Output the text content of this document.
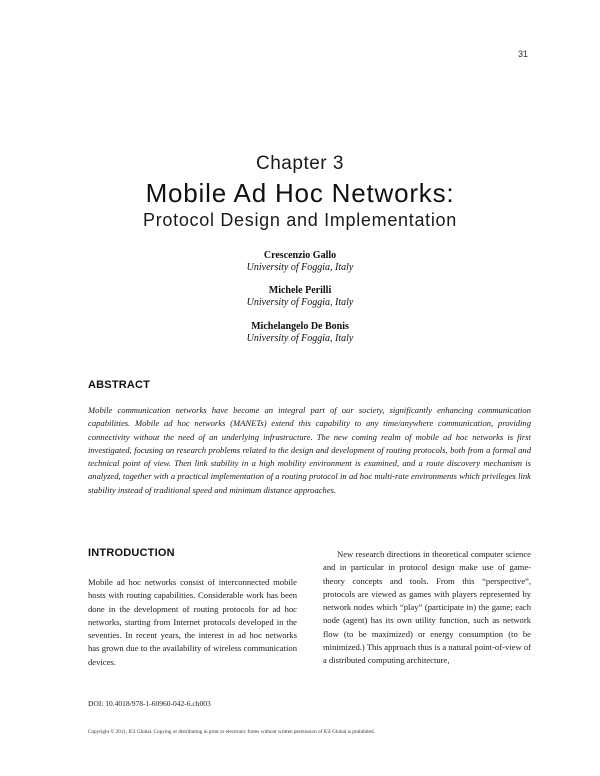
31
Chapter 3
Mobile Ad Hoc Networks:
Protocol Design and Implementation
Crescenzio Gallo
University of Foggia, Italy
Michele Perilli
University of Foggia, Italy
Michelangelo De Bonis
University of Foggia, Italy
ABSTRACT
Mobile communication networks have become an integral part of our society, significantly enhancing communication capabilities. Mobile ad hoc networks (MANETs) extend this capability to any time/anywhere communication, providing connectivity without the need of an underlying infrastructure. The new coming realm of mobile ad hoc networks is first investigated, focusing on research problems related to the design and development of routing protocols, both from a formal and technical point of view. Then link stability in a high mobility environment is examined, and a route discovery mechanism is analyzed, together with a practical implementation of a routing protocol in ad hoc multi-rate environments which privileges link stability instead of traditional speed and minimum distance approaches.
INTRODUCTION

Mobile ad hoc networks consist of interconnected mobile hosts with routing capabilities. Considerable work has been done in the development of routing protocols for ad hoc networks, starting from Internet protocols developed in the seventies. In recent years, the interest in ad hoc networks has grown due to the availability of wireless communication devices.

New research directions in theoretical computer science and in particular in protocol design make use of game-theory concepts and tools. From this “perspective”, protocols are viewed as games with players represented by network nodes which “play” (participate in) the game; each node (agent) has its own utility function, such as network flow (to be maximized) or energy consumption (to be minimized.) This approach thus is a natural point-of-view of a distributed computing architecture,

DOI: 10.4018/978-1-60960-042-6.ch003
Copyright © 2011, IGI Global. Copying or distributing in print or electronic forms without written permission of IGI Global is prohibited.
